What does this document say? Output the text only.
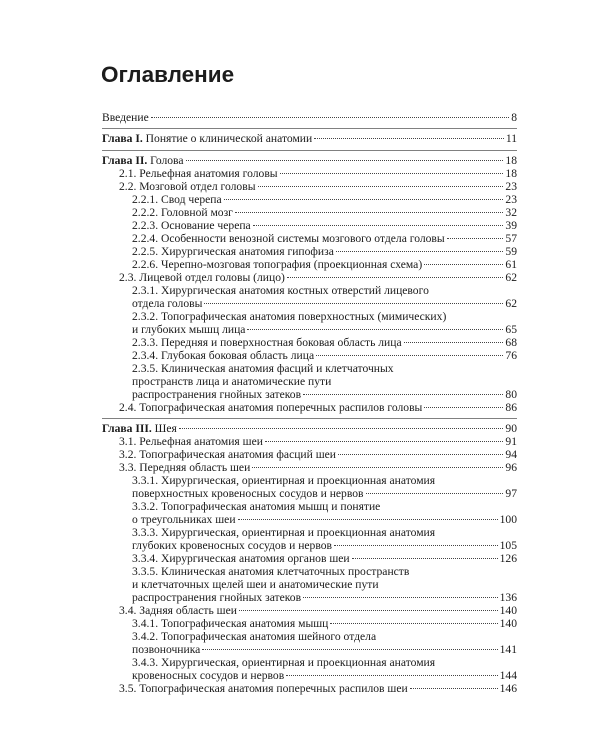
Оглавление
Введение	8
Глава I. Понятие о клинической анатомии	11
Глава II. Голова	18
2.1. Рельефная анатомия головы	18
2.2. Мозговой отдел головы	23
2.2.1. Свод черепа	23
2.2.2. Головной мозг	32
2.2.3. Основание черепа	39
2.2.4. Особенности венозной системы мозгового отдела головы	57
2.2.5. Хирургическая анатомия гипофиза	59
2.2.6. Черепно-мозговая топография (проекционная схема)	61
2.3. Лицевой отдел головы (лицо)	62
2.3.1. Хирургическая анатомия костных отверстий лицевого
отдела головы	62
2.3.2. Топографическая анатомия поверхностных (мимических)
и глубоких мышц лица	65
2.3.3. Передняя и поверхностная боковая область лица	68
2.3.4. Глубокая боковая область лица	76
2.3.5. Клиническая анатомия фасций и клетчаточных
пространств лица и анатомические пути
распространения гнойных затеков	80
2.4. Топографическая анатомия поперечных распилов головы	86
Глава III. Шея	90
3.1. Рельефная анатомия шеи	91
3.2. Топографическая анатомия фасций шеи	94
3.3. Передняя область шеи	96
3.3.1. Хирургическая, ориентирная и проекционная анатомия
поверхностных кровеносных сосудов и нервов	97
3.3.2. Топографическая анатомия мышц и понятие
о треугольниках шеи	100
3.3.3. Хирургическая, ориентирная и проекционная анатомия
глубоких кровеносных сосудов и нервов	105
3.3.4. Хирургическая анатомия органов шеи	126
3.3.5. Клиническая анатомия клетчаточных пространств
и клетчаточных щелей шеи и анатомические пути
распространения гнойных затеков	136
3.4. Задняя область шеи	140
3.4.1. Топографическая анатомия мышц	140
3.4.2. Топографическая анатомия шейного отдела
позвоночника	141
3.4.3. Хирургическая, ориентирная и проекционная анатомия
кровеносных сосудов и нервов	144
3.5. Топографическая анатомия поперечных распилов шеи	146
